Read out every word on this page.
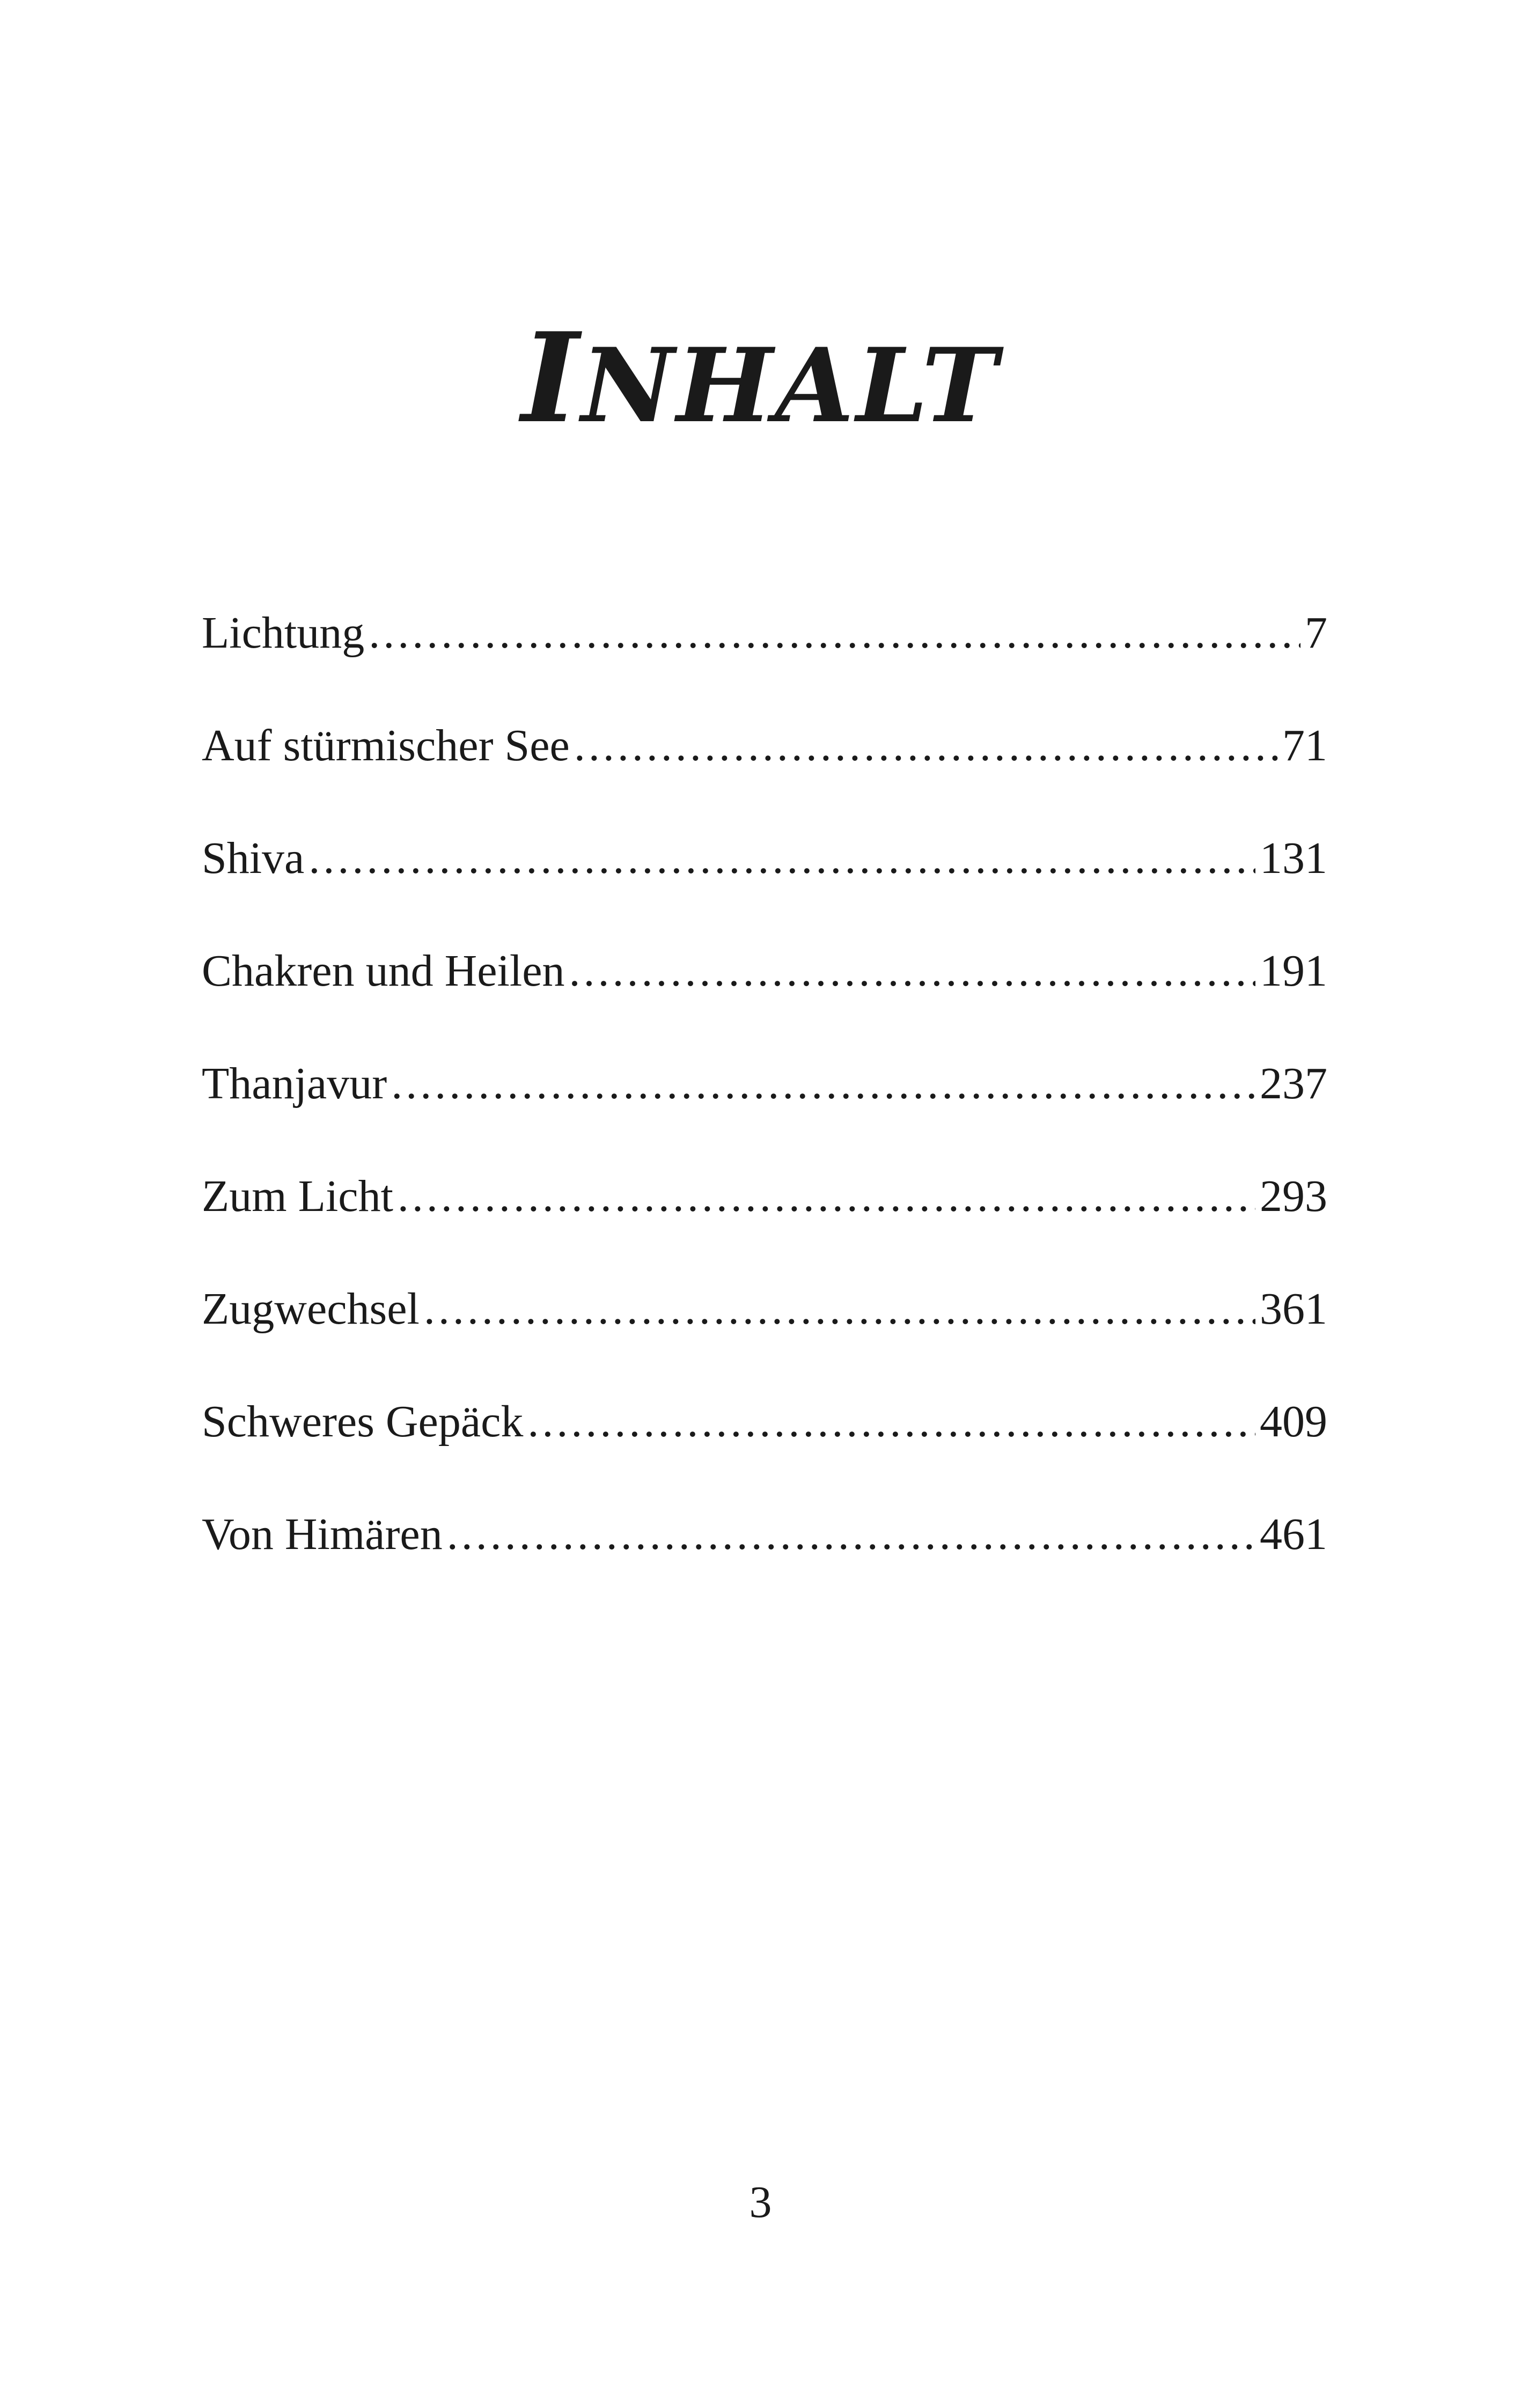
INHALT
Lichtung .....	7
Auf stürmischer See .....	71
Shiva .....	131
Chakren und Heilen .....	191
Thanjavur .....	237
Zum Licht .....	293
Zugwechsel .....	361
Schweres Gepäck .....	409
Von Himären .....	461
3
